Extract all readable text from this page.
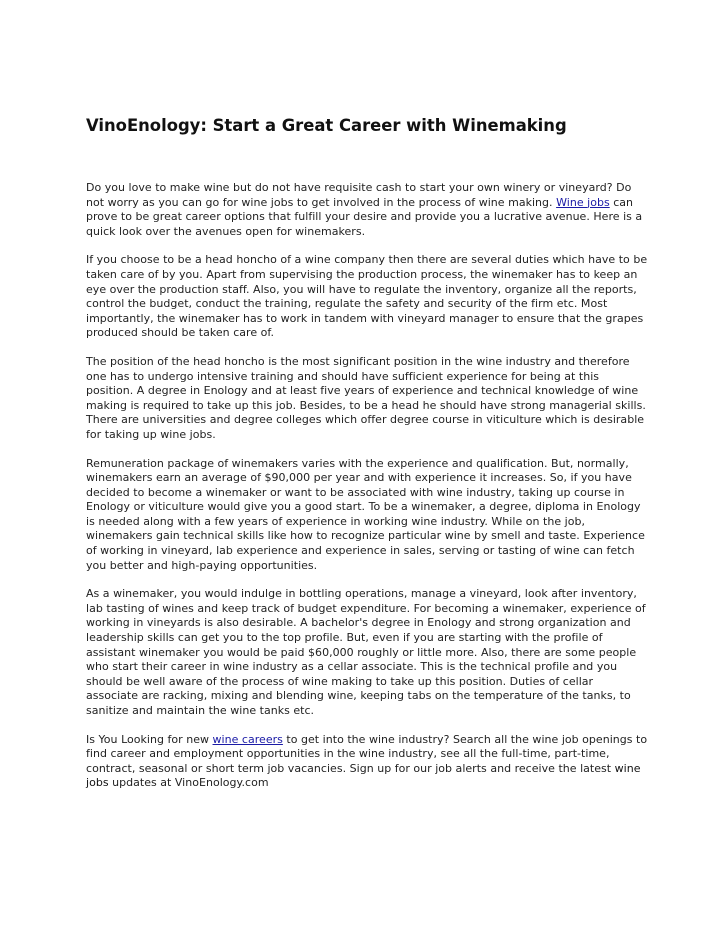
VinoEnology: Start a Great Career with Winemaking

Do you love to make wine but do not have requisite cash to start your own winery or vineyard? Do not worry as you can go for wine jobs to get involved in the process of wine making. Wine jobs can prove to be great career options that fulfill your desire and provide you a lucrative avenue. Here is a quick look over the avenues open for winemakers.

If you choose to be a head honcho of a wine company then there are several duties which have to be taken care of by you. Apart from supervising the production process, the winemaker has to keep an eye over the production staff. Also, you will have to regulate the inventory, organize all the reports, control the budget, conduct the training, regulate the safety and security of the firm etc. Most importantly, the winemaker has to work in tandem with vineyard manager to ensure that the grapes produced should be taken care of.

The position of the head honcho is the most significant position in the wine industry and therefore one has to undergo intensive training and should have sufficient experience for being at this position. A degree in Enology and at least five years of experience and technical knowledge of wine making is required to take up this job. Besides, to be a head he should have strong managerial skills. There are universities and degree colleges which offer degree course in viticulture which is desirable for taking up wine jobs.

Remuneration package of winemakers varies with the experience and qualification. But, normally, winemakers earn an average of $90,000 per year and with experience it increases. So, if you have decided to become a winemaker or want to be associated with wine industry, taking up course in Enology or viticulture would give you a good start. To be a winemaker, a degree, diploma in Enology is needed along with a few years of experience in working wine industry. While on the job, winemakers gain technical skills like how to recognize particular wine by smell and taste. Experience of working in vineyard, lab experience and experience in sales, serving or tasting of wine can fetch you better and high-paying opportunities.

As a winemaker, you would indulge in bottling operations, manage a vineyard, look after inventory, lab tasting of wines and keep track of budget expenditure. For becoming a winemaker, experience of working in vineyards is also desirable. A bachelor's degree in Enology and strong organization and leadership skills can get you to the top profile. But, even if you are starting with the profile of assistant winemaker you would be paid $60,000 roughly or little more. Also, there are some people who start their career in wine industry as a cellar associate. This is the technical profile and you should be well aware of the process of wine making to take up this position. Duties of cellar associate are racking, mixing and blending wine, keeping tabs on the temperature of the tanks, to sanitize and maintain the wine tanks etc.

Is You Looking for new wine careers to get into the wine industry? Search all the wine job openings to find career and employment opportunities in the wine industry, see all the full-time, part-time, contract, seasonal or short term job vacancies. Sign up for our job alerts and receive the latest wine jobs updates at VinoEnology.com
